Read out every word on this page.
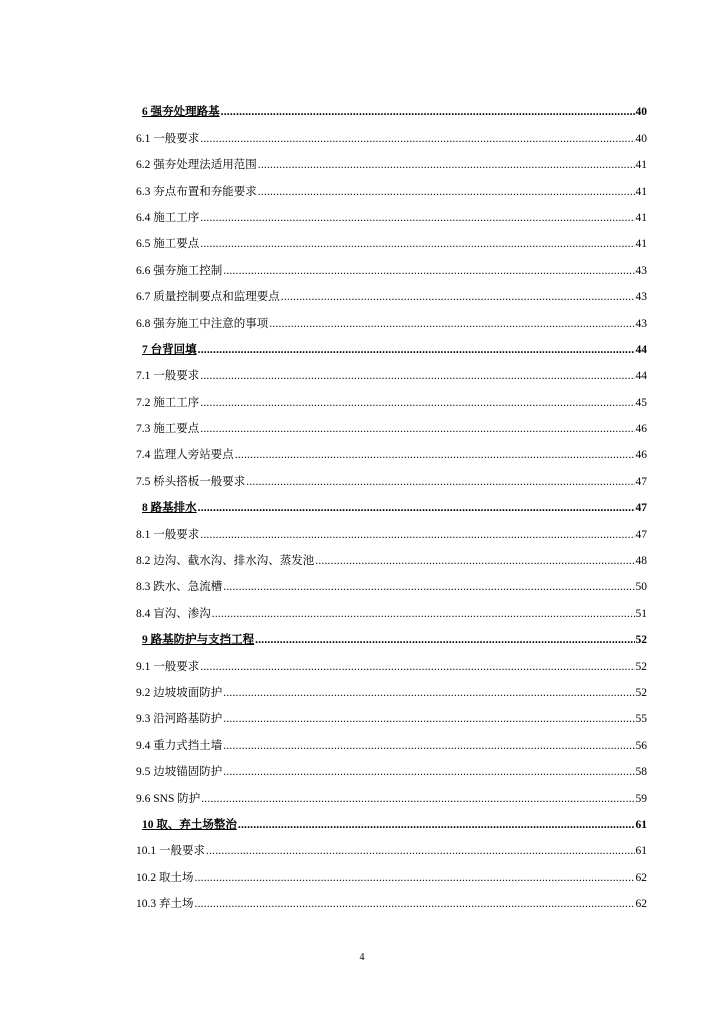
6 强夯处理路基 .....	40
6.1 一般要求 .....	40
6.2 强夯处理法适用范围 .....	41
6.3 夯点布置和夯能要求 .....	41
6.4 施工工序 .....	41
6.5 施工要点 .....	41
6.6 强夯施工控制 .....	43
6.7 质量控制要点和监理要点 .....	43
6.8 强夯施工中注意的事项 .....	43
7 台背回填 .....	44
7.1 一般要求 .....	44
7.2 施工工序 .....	45
7.3 施工要点 .....	46
7.4 监理人旁站要点 .....	46
7.5 桥头搭板一般要求 .....	47
8 路基排水 .....	47
8.1 一般要求 .....	47
8.2 边沟、截水沟、排水沟、蒸发池 .....	48
8.3 跌水、急流槽 .....	50
8.4 盲沟、渗沟 .....	51
9 路基防护与支挡工程 .....	52
9.1 一般要求 .....	52
9.2 边坡坡面防护 .....	52
9.3 沿河路基防护 .....	55
9.4 重力式挡土墙 .....	56
9.5 边坡锚固防护 .....	58
9.6 SNS 防护 .....	59
10 取、弃土场整治 .....	61
10.1 一般要求 .....	61
10.2 取土场 .....	62
10.3 弃土场 .....	62
4
